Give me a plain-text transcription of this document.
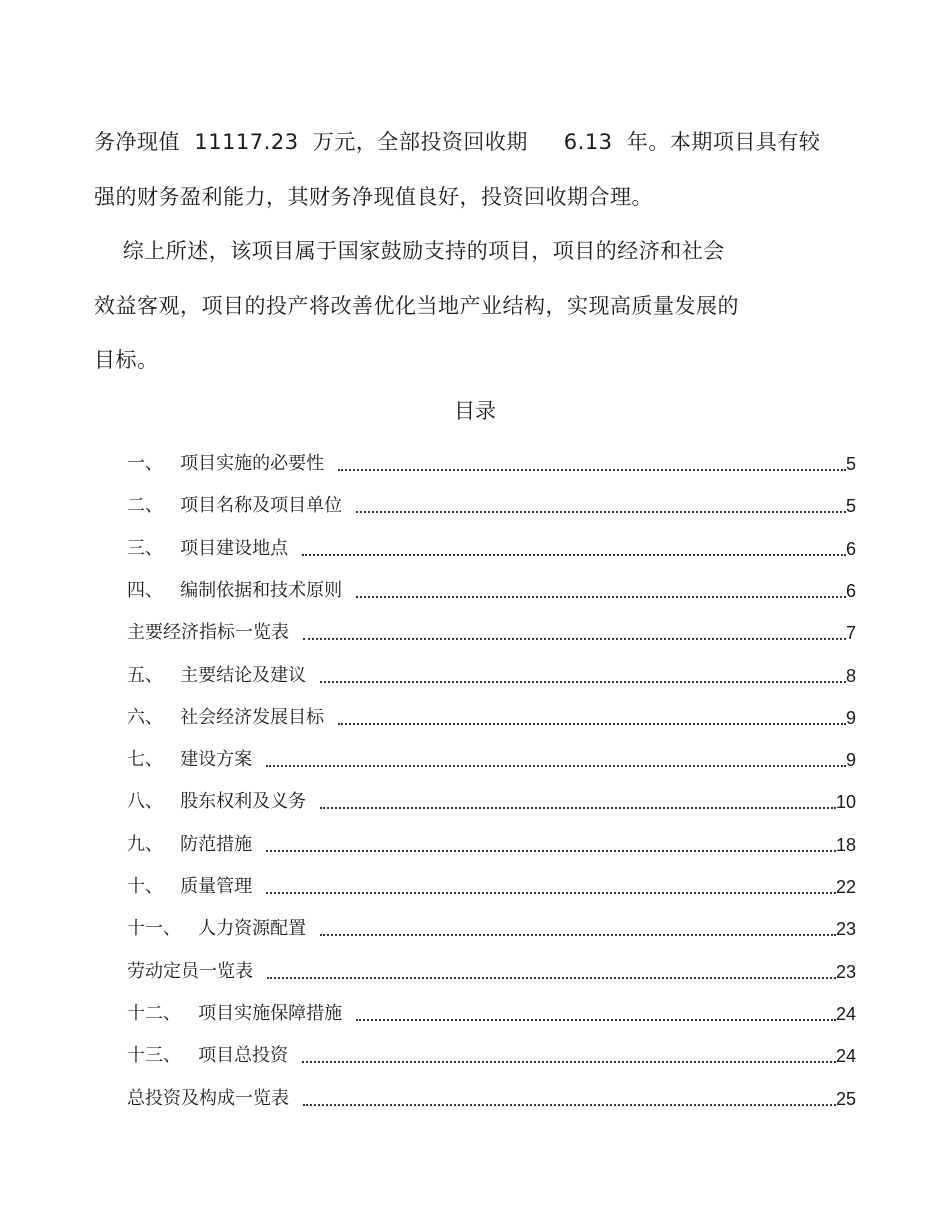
务净现值  11117.23  万元，全部投资回收期     6.13  年。本期项目具有较
强的财务盈利能力，其财务净现值良好，投资回收期合理。
综上所述，该项目属于国家鼓励支持的项目，项目的经济和社会
效益客观，项目的投产将改善优化当地产业结构，实现高质量发展的
目标。
目录
一、   项目实施的必要性	5
二、   项目名称及项目单位	5
三、   项目建设地点	6
四、   编制依据和技术原则	6
主要经济指标一览表	7
五、   主要结论及建议	8
六、   社会经济发展目标	9
七、   建设方案	9
八、   股东权利及义务	10
九、   防范措施	18
十、   质量管理	22
十一、   人力资源配置	23
劳动定员一览表	23
十二、   项目实施保障措施	24
十三、   项目总投资	24
总投资及构成一览表	25
